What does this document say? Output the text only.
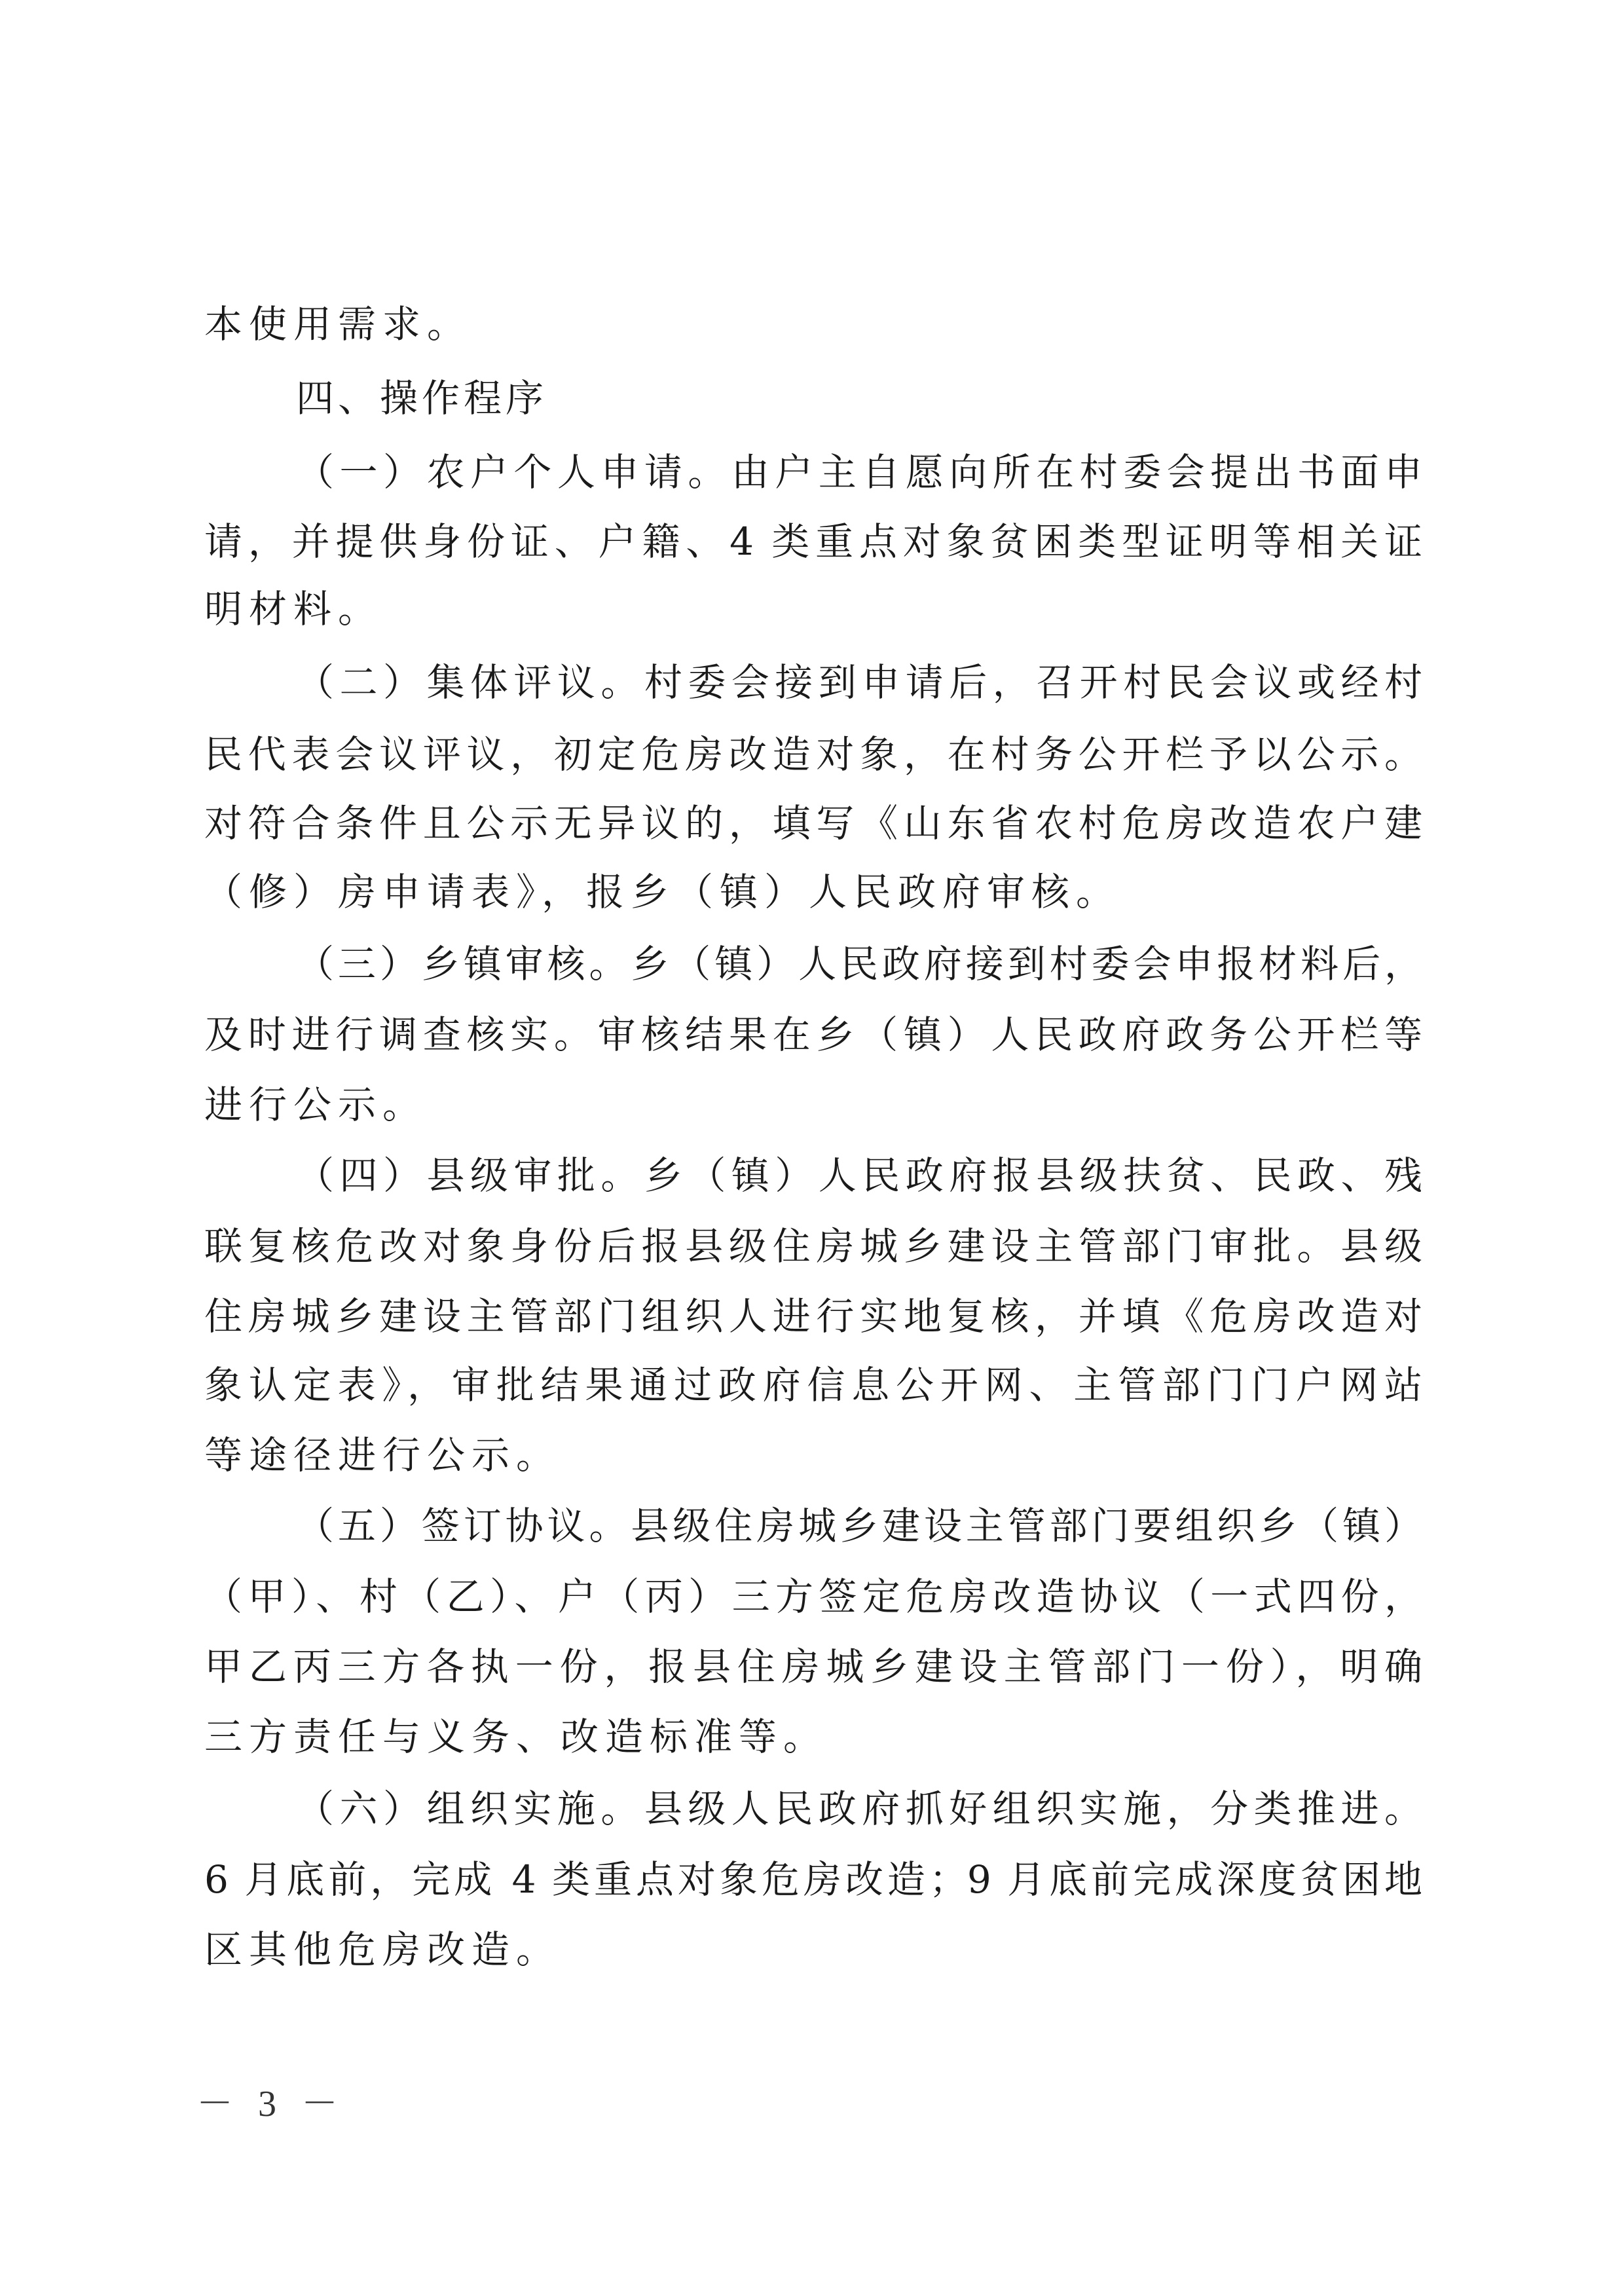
本使用需求。
四、操作程序
（一）农户个人申请。由户主自愿向所在村委会提出书面申
请，并提供身份证、户籍、4 类重点对象贫困类型证明等相关证
明材料。
（二）集体评议。村委会接到申请后，召开村民会议或经村
民代表会议评议，初定危房改造对象，在村务公开栏予以公示。
对符合条件且公示无异议的，填写《山东省农村危房改造农户建
（修）房申请表》，报乡（镇）人民政府审核。
（三）乡镇审核。乡（镇）人民政府接到村委会申报材料后，
及时进行调查核实。审核结果在乡（镇）人民政府政务公开栏等
进行公示。
（四）县级审批。乡（镇）人民政府报县级扶贫、民政、残
联复核危改对象身份后报县级住房城乡建设主管部门审批。县级
住房城乡建设主管部门组织人进行实地复核，并填《危房改造对
象认定表》，审批结果通过政府信息公开网、主管部门门户网站
等途径进行公示。
（五）签订协议。县级住房城乡建设主管部门要组织乡（镇）
（甲）、村（乙）、户（丙）三方签定危房改造协议（一式四份，
甲乙丙三方各执一份，报县住房城乡建设主管部门一份），明确
三方责任与义务、改造标准等。
（六）组织实施。县级人民政府抓好组织实施，分类推进。
6 月底前，完成 4 类重点对象危房改造；9 月底前完成深度贫困地
区其他危房改造。
－ 3 －
